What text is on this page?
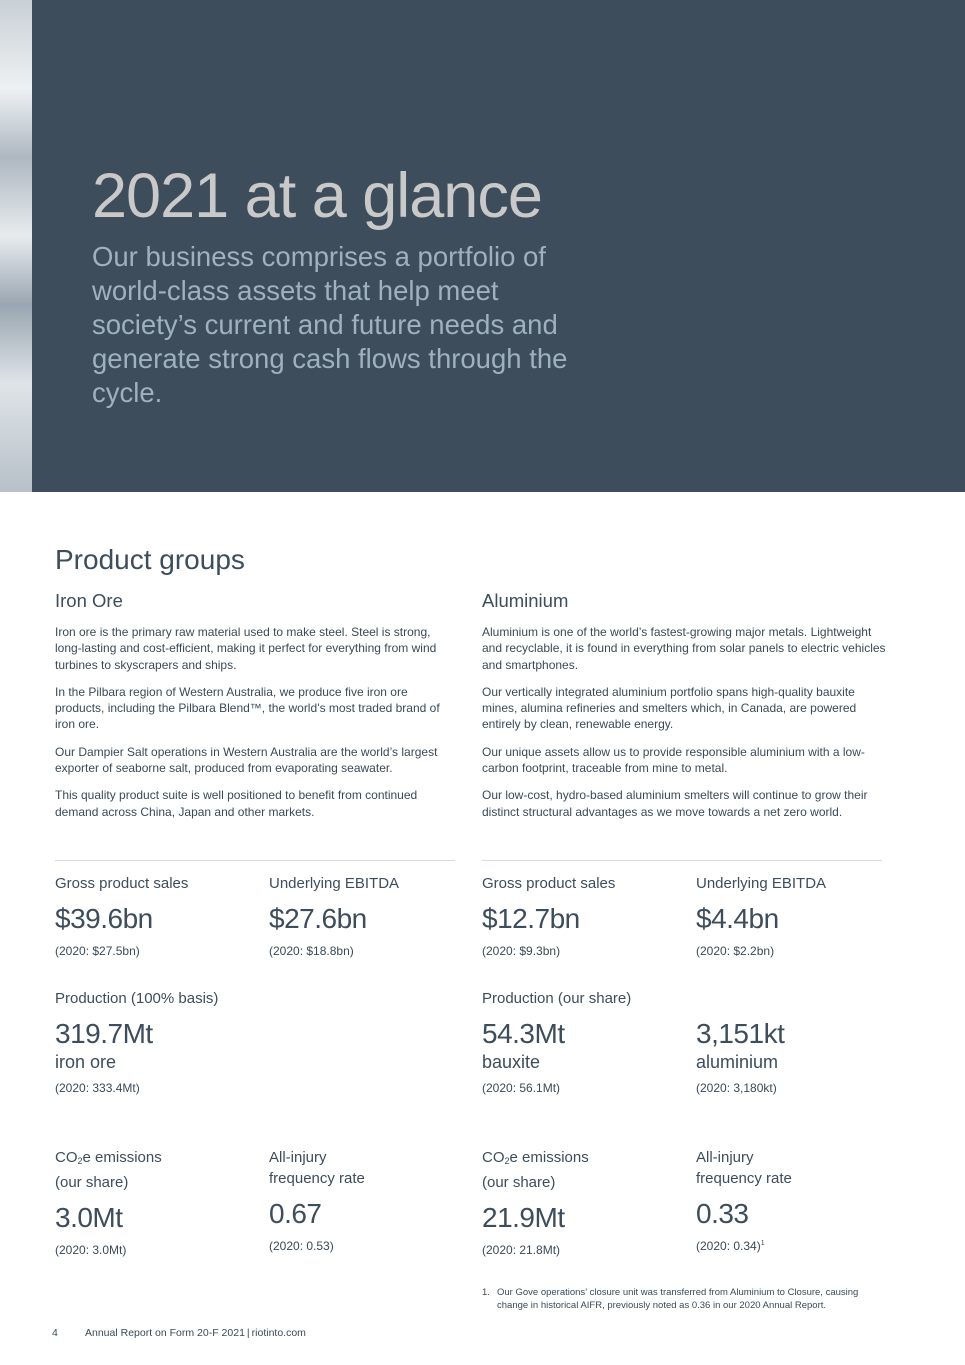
2021 at a glance

Our business comprises a portfolio of world-class assets that help meet society’s current and future needs and generate strong cash flows through the cycle.

Product groups
Iron Ore

Iron ore is the primary raw material used to make steel. Steel is strong, long-lasting and cost-efficient, making it perfect for everything from wind turbines to skyscrapers and ships.

In the Pilbara region of Western Australia, we produce five iron ore products, including the Pilbara Blend™, the world’s most traded brand of iron ore.

Our Dampier Salt operations in Western Australia are the world’s largest exporter of seaborne salt, produced from evaporating seawater.

This quality product suite is well positioned to benefit from continued demand across China, Japan and other markets.

Aluminium

Aluminium is one of the world’s fastest-growing major metals. Lightweight and recyclable, it is found in everything from solar panels to electric vehicles and smartphones.

Our vertically integrated aluminium portfolio spans high-quality bauxite mines, alumina refineries and smelters which, in Canada, are powered entirely by clean, renewable energy.

Our unique assets allow us to provide responsible aluminium with a low-carbon footprint, traceable from mine to metal.

Our low-cost, hydro-based aluminium smelters will continue to grow their distinct structural advantages as we move towards a net zero world.

Gross product sales
$39.6bn
(2020: $27.5bn)
Underlying EBITDA
$27.6bn
(2020: $18.8bn)
Production (100% basis)
319.7Mt
iron ore
(2020: 333.4Mt)
$CO_2e$ emissions
(our share)
3.0Mt
(2020: 3.0Mt)
All-injury
frequency rate
0.67
(2020: 0.53)
Gross product sales
$12.7bn
(2020: $9.3bn)
Underlying EBITDA
$4.4bn
(2020: $2.2bn)
Production (our share)
54.3Mt
bauxite
(2020: 56.1Mt)
3,151kt
aluminium
(2020: 3,180kt)
$CO_2e$ emissions
(our share)
21.9Mt
(2020: 21.8Mt)
All-injury
frequency rate
0.33
(2020: 0.34)$^1$
1. Our Gove operations’ closure unit was transferred from Aluminium to Closure, causing change in historical AIFR, previously noted as 0.36 in our 2020 Annual Report.
4	Annual Report on Form 20-F 2021 | riotinto.com
